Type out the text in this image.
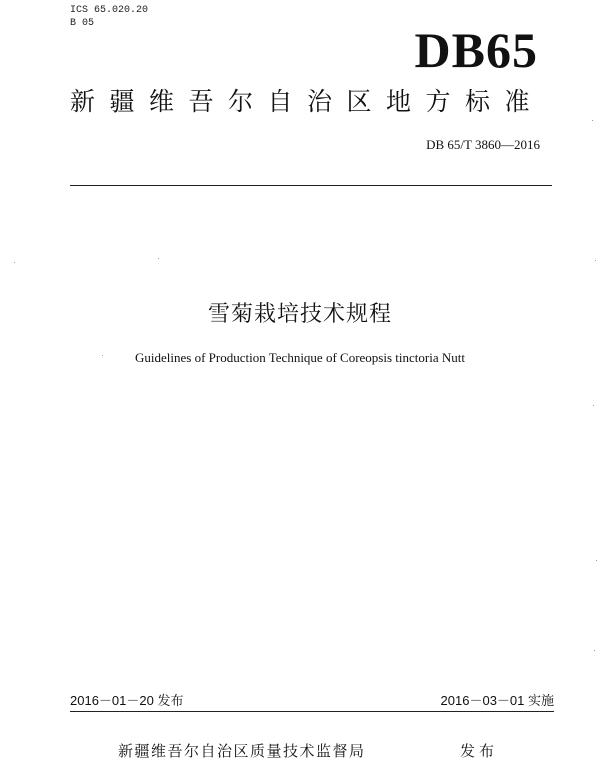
ICS 65.020.20
B 05	DB65
新疆维吾尔自治区地方标准
DB 65/T 3860—2016
雪菊栽培技术规程
Guidelines of Production Technique of Coreopsis tinctoria Nutt
2016－01－20 发布	2016－03－01 实施
新疆维吾尔自治区质量技术监督局	发布
